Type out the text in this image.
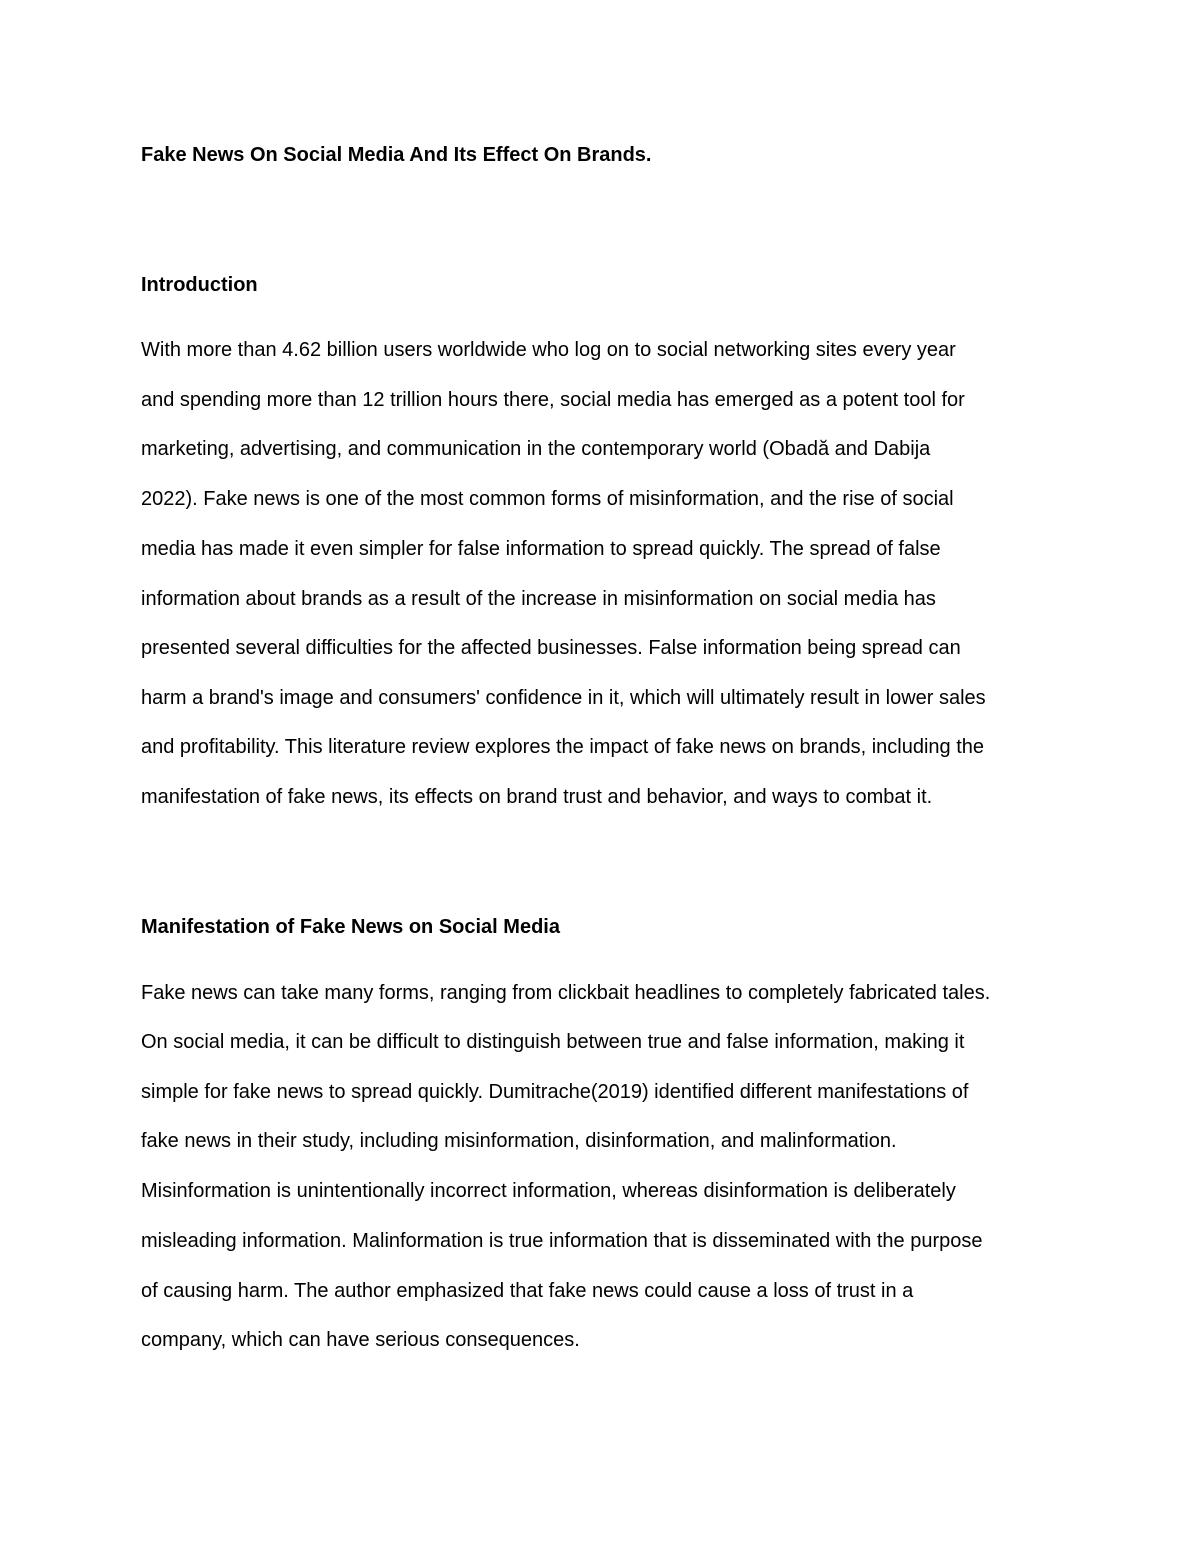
Fake News On Social Media And Its Effect On Brands.
Introduction

With more than 4.62 billion users worldwide who log on to social networking sites every year

and spending more than 12 trillion hours there, social media has emerged as a potent tool for

marketing, advertising, and communication in the contemporary world (Obadă and Dabija

2022). Fake news is one of the most common forms of misinformation, and the rise of social

media has made it even simpler for false information to spread quickly. The spread of false

information about brands as a result of the increase in misinformation on social media has

presented several difficulties for the affected businesses. False information being spread can

harm a brand's image and consumers' confidence in it, which will ultimately result in lower sales

and profitability. This literature review explores the impact of fake news on brands, including the

manifestation of fake news, its effects on brand trust and behavior, and ways to combat it.

Manifestation of Fake News on Social Media

Fake news can take many forms, ranging from clickbait headlines to completely fabricated tales.

On social media, it can be difficult to distinguish between true and false information, making it

simple for fake news to spread quickly. Dumitrache(2019) identified different manifestations of

fake news in their study, including misinformation, disinformation, and malinformation.

Misinformation is unintentionally incorrect information, whereas disinformation is deliberately

misleading information. Malinformation is true information that is disseminated with the purpose

of causing harm. The author emphasized that fake news could cause a loss of trust in a

company, which can have serious consequences.
